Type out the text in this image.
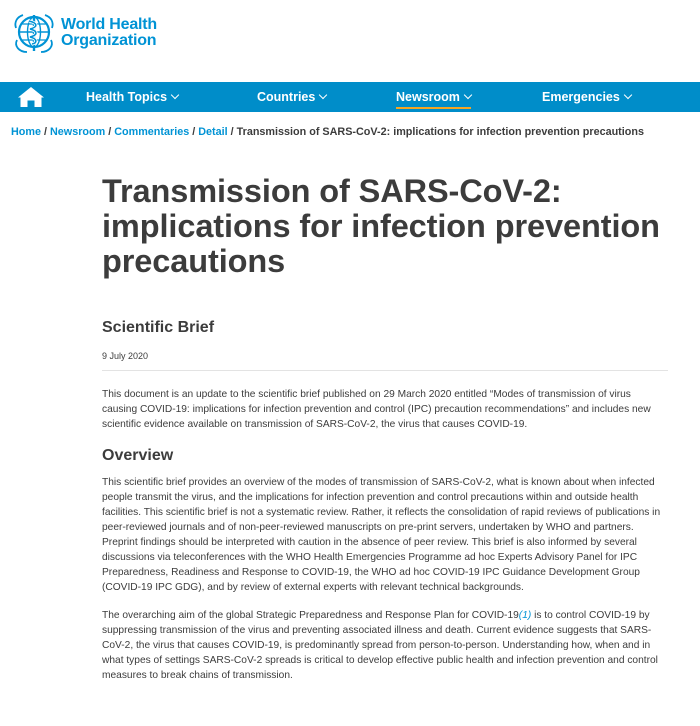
World Health
Organization
Health Topics	Countries	Newsroom	Emergencies
Home / Newsroom / Commentaries / Detail / Transmission of SARS-CoV-2: implications for infection prevention precautions
Transmission of SARS-CoV-2: implications for infection prevention precautions
Scientific Brief
9 July 2020

This document is an update to the scientific brief published on 29 March 2020 entitled “Modes of transmission of virus causing COVID-19: implications for infection prevention and control (IPC) precaution recommendations” and includes new scientific evidence available on transmission of SARS-CoV-2, the virus that causes COVID-19.

Overview

This scientific brief provides an overview of the modes of transmission of SARS-CoV-2, what is known about when infected people transmit the virus, and the implications for infection prevention and control precautions within and outside health facilities. This scientific brief is not a systematic review. Rather, it reflects the consolidation of rapid reviews of publications in peer-reviewed journals and of non-peer-reviewed manuscripts on pre-print servers, undertaken by WHO and partners. Preprint findings should be interpreted with caution in the absence of peer review. This brief is also informed by several discussions via teleconferences with the WHO Health Emergencies Programme ad hoc Experts Advisory Panel for IPC Preparedness, Readiness and Response to COVID-19, the WHO ad hoc COVID-19 IPC Guidance Development Group (COVID-19 IPC GDG), and by review of external experts with relevant technical backgrounds.

The overarching aim of the global Strategic Preparedness and Response Plan for COVID-19(1) is to control COVID-19 by suppressing transmission of the virus and preventing associated illness and death. Current evidence suggests that SARS-CoV-2, the virus that causes COVID-19, is predominantly spread from person-to-person. Understanding how, when and in what types of settings SARS-CoV-2 spreads is critical to develop effective public health and infection prevention and control measures to break chains of transmission.
